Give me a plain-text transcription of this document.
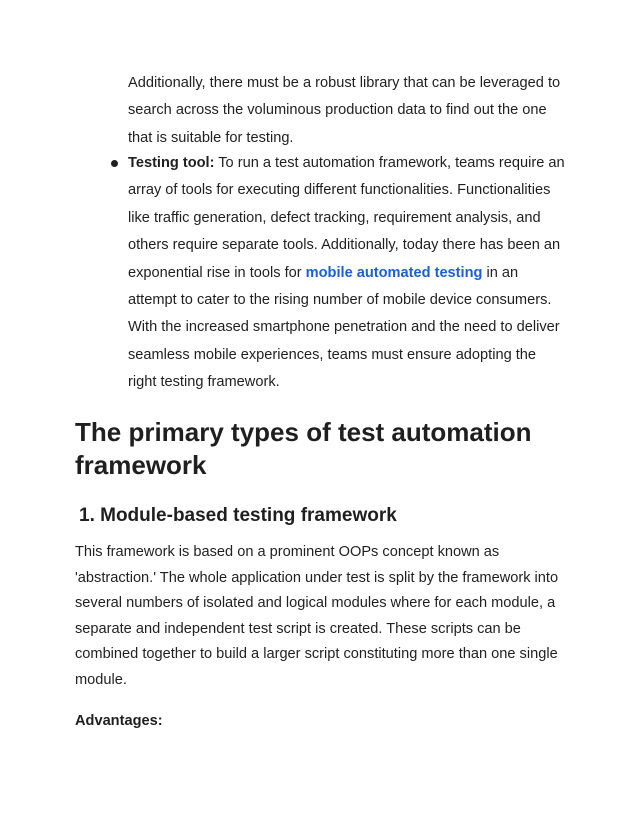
Additionally, there must be a robust library that can be leveraged to search across the voluminous production data to find out the one that is suitable for testing.

Testing tool: To run a test automation framework, teams require an array of tools for executing different functionalities. Functionalities like traffic generation, defect tracking, requirement analysis, and others require separate tools. Additionally, today there has been an exponential rise in tools for mobile automated testing in an attempt to cater to the rising number of mobile device consumers. With the increased smartphone penetration and the need to deliver seamless mobile experiences, teams must ensure adopting the right testing framework.

The primary types of test automation framework
1. Module-based testing framework

This framework is based on a prominent OOPs concept known as 'abstraction.' The whole application under test is split by the framework into several numbers of isolated and logical modules where for each module, a separate and independent test script is created. These scripts can be combined together to build a larger script constituting more than one single module.

Advantages:
